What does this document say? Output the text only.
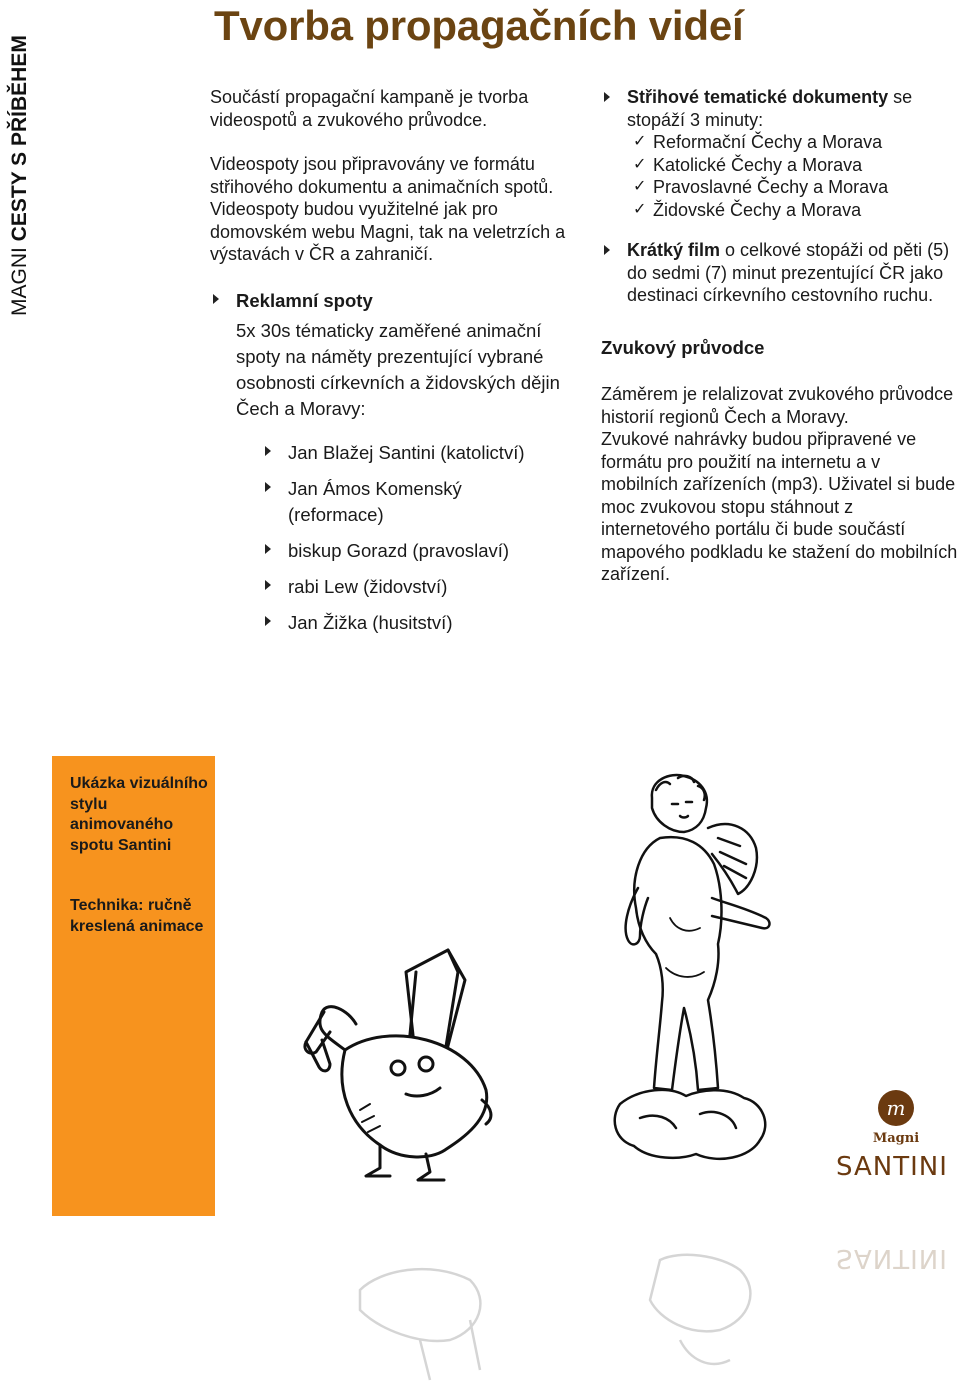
MAGNI CESTY S PŘÍBĚHEM
Tvorba propagačních videí

Součástí propagační kampaně je tvorba videospotů a zvukového průvodce.

Videospoty jsou připravovány ve formátu střihového dokumentu a animačních spotů. Videospoty budou využitelné jak pro domovském webu Magni, tak na veletrzích a výstavách v ČR a zahraničí.

Reklamní spoty
5x 30s tématicky zaměřené animační spoty na náměty prezentující vybrané osobnosti církevních a židovských dějin Čech a Moravy:
Jan Blažej Santini (katolictví)
Jan Ámos Komenský (reformace)
biskup Gorazd (pravoslaví)
rabi Lew (židovství)
Jan Žižka (husitství)
Střihové tematické dokumenty se stopáží 3 minuty:
✓ Reformační Čechy a Morava
✓ Katolické Čechy a Morava
✓ Pravoslavné Čechy a Morava
✓ Židovské Čechy a Morava
Krátký film o celkové stopáži od pěti (5) do sedmi (7) minut prezentující ČR jako destinaci církevního cestovního ruchu.
Zvukový průvodce

Záměrem je relalizovat zvukového průvodce historií regionů Čech a Moravy.

Zvukové nahrávky budou připravené ve formátu pro použití na internetu a v mobilních zařízeních (mp3). Uživatel si bude moc zvukovou stopu stáhnout z internetového portálu či bude součástí mapového podkladu ke stažení do mobilních zařízení.

Ukázka vizuálního stylu animovaného spotu Santini
Technika: ručně kreslená animace
m
Magni
SANTINI
SANTINI
